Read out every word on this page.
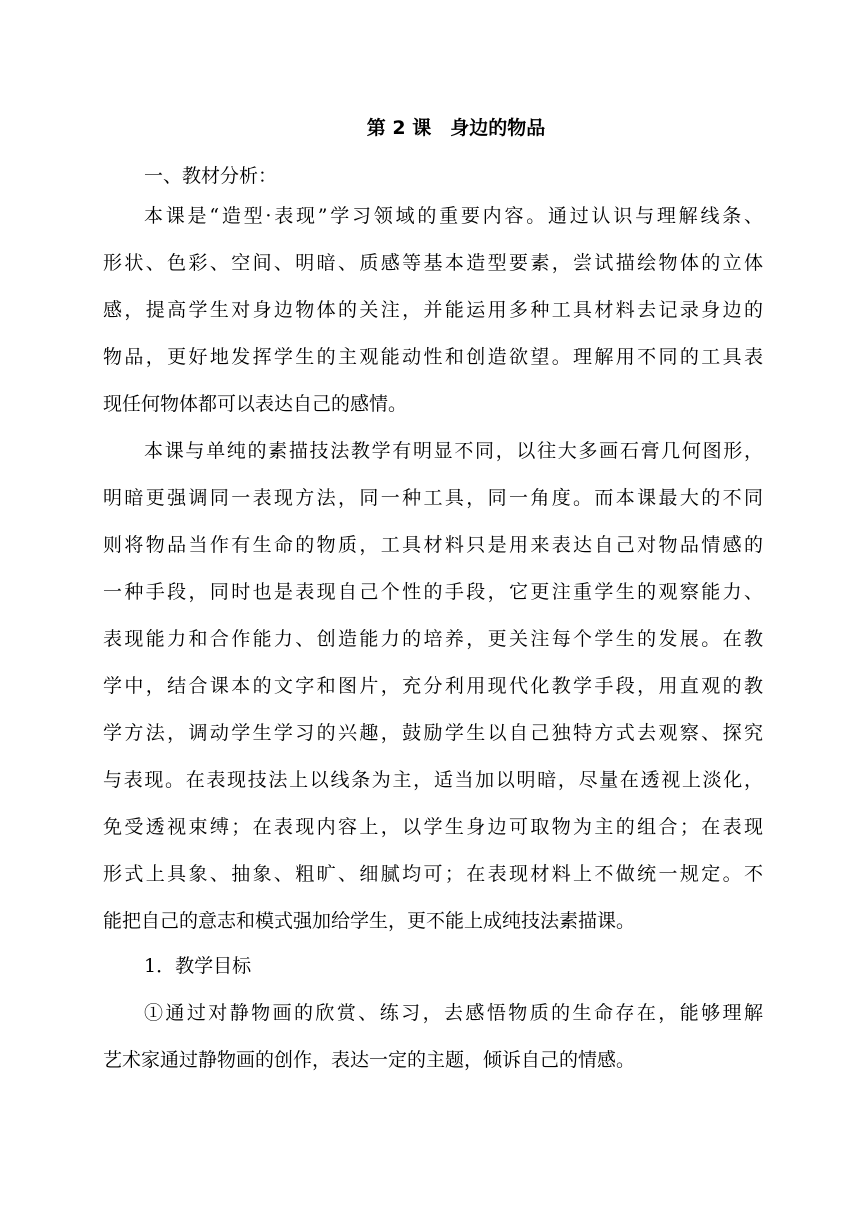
第 2 课　身边的物品
一、教材分析：
本课是“造型·表现”学习领域的重要内容。通过认识与理解线条、
形状、色彩、空间、明暗、质感等基本造型要素，尝试描绘物体的立体
感，提高学生对身边物体的关注，并能运用多种工具材料去记录身边的
物品，更好地发挥学生的主观能动性和创造欲望。理解用不同的工具表
现任何物体都可以表达自己的感情。
本课与单纯的素描技法教学有明显不同，以往大多画石膏几何图形，
明暗更强调同一表现方法，同一种工具，同一角度。而本课最大的不同
则将物品当作有生命的物质，工具材料只是用来表达自己对物品情感的
一种手段，同时也是表现自己个性的手段，它更注重学生的观察能力、
表现能力和合作能力、创造能力的培养，更关注每个学生的发展。在教
学中，结合课本的文字和图片，充分利用现代化教学手段，用直观的教
学方法，调动学生学习的兴趣，鼓励学生以自己独特方式去观察、探究
与表现。在表现技法上以线条为主，适当加以明暗，尽量在透视上淡化，
免受透视束缚；在表现内容上，以学生身边可取物为主的组合；在表现
形式上具象、抽象、粗旷、细腻均可；在表现材料上不做统一规定。不
能把自己的意志和模式强加给学生，更不能上成纯技法素描课。
1．教学目标
①通过对静物画的欣赏、练习，去感悟物质的生命存在，能够理解
艺术家通过静物画的创作，表达一定的主题，倾诉自己的情感。
